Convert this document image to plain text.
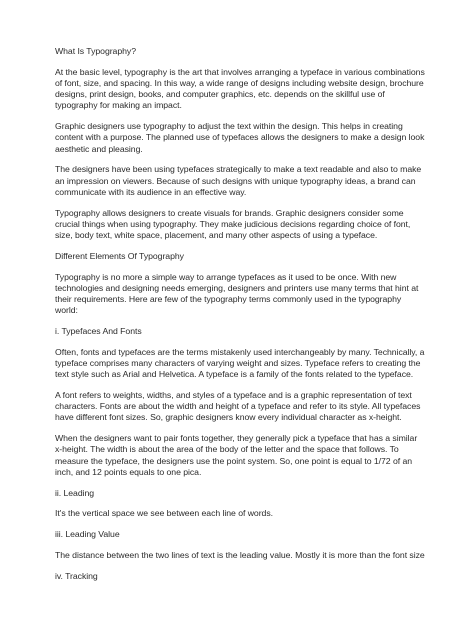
What Is Typography?

At the basic level, typography is the art that involves arranging a typeface in various combinations of font, size, and spacing. In this way, a wide range of designs including website design, brochure designs, print design, books, and computer graphics, etc. depends on the skillful use of typography for making an impact.

Graphic designers use typography to adjust the text within the design. This helps in creating content with a purpose. The planned use of typefaces allows the designers to make a design look aesthetic and pleasing.

The designers have been using typefaces strategically to make a text readable and also to make an impression on viewers. Because of such designs with unique typography ideas, a brand can communicate with its audience in an effective way.

Typography allows designers to create visuals for brands. Graphic designers consider some crucial things when using typography. They make judicious decisions regarding choice of font, size, body text, white space, placement, and many other aspects of using a typeface.

Different Elements Of Typography

Typography is no more a simple way to arrange typefaces as it used to be once. With new technologies and designing needs emerging, designers and printers use many terms that hint at their requirements. Here are few of the typography terms commonly used in the typography world:

i. Typefaces And Fonts

Often, fonts and typefaces are the terms mistakenly used interchangeably by many. Technically, a typeface comprises many characters of varying weight and sizes. Typeface refers to creating the text style such as Arial and Helvetica. A typeface is a family of the fonts related to the typeface.

A font refers to weights, widths, and styles of a typeface and is a graphic representation of text characters. Fonts are about the width and height of a typeface and refer to its style. All typefaces have different font sizes. So, graphic designers know every individual character as x-height.

When the designers want to pair fonts together, they generally pick a typeface that has a similar x-height. The width is about the area of the body of the letter and the space that follows. To measure the typeface, the designers use the point system. So, one point is equal to 1/72 of an inch, and 12 points equals to one pica.

ii. Leading

It's the vertical space we see between each line of words.

iii. Leading Value

The distance between the two lines of text is the leading value. Mostly it is more than the font size

iv. Tracking
